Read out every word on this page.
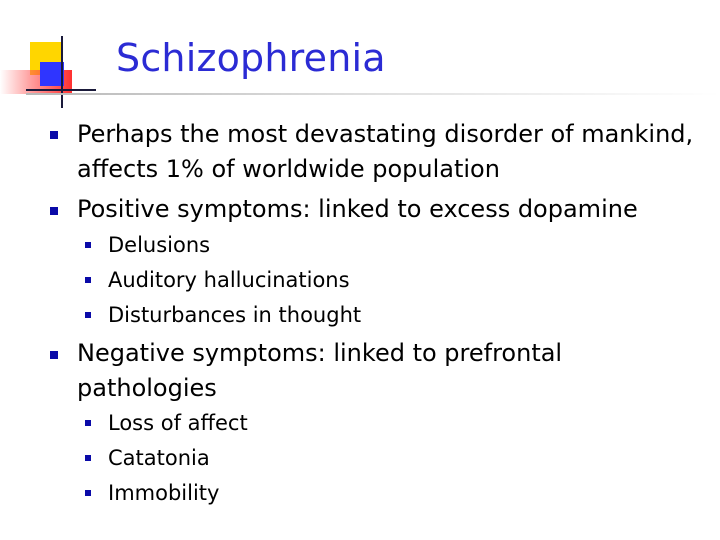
Schizophrenia

Perhaps the most devastating disorder of mankind, affects 1% of worldwide population

Positive symptoms: linked to excess dopamine

Delusions

Auditory hallucinations

Disturbances in thought

Negative symptoms: linked to prefrontal pathologies

Loss of affect

Catatonia

Immobility
